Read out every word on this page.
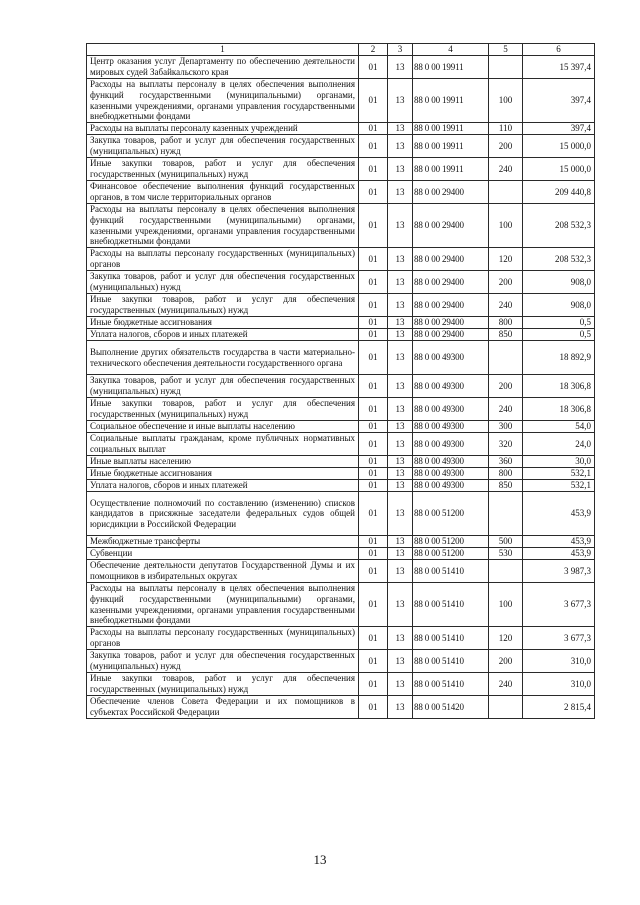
1	2	3	4	5	6
Центр оказания услуг Департаменту по обеспечению деятельности мировых судей Забайкальского края	01	13	88 0 00 19911		15 397,4
Расходы на выплаты персоналу в целях обеспечения выполнения функций государственными (муниципальными) органами, казенными учреждениями, органами управления государственными внебюджетными фондами	01	13	88 0 00 19911	100	397,4
Расходы на выплаты персоналу казенных учреждений	01	13	88 0 00 19911	110	397,4
Закупка товаров, работ и услуг для обеспечения государственных (муниципальных) нужд	01	13	88 0 00 19911	200	15 000,0
Иные закупки товаров, работ и услуг для обеспечения государственных (муниципальных) нужд	01	13	88 0 00 19911	240	15 000,0
Финансовое обеспечение выполнения функций государственных органов, в том числе территориальных органов	01	13	88 0 00 29400		209 440,8
Расходы на выплаты персоналу в целях обеспечения выполнения функций государственными (муниципальными) органами, казенными учреждениями, органами управления государственными внебюджетными фондами	01	13	88 0 00 29400	100	208 532,3
Расходы на выплаты персоналу государственных (муниципальных) органов	01	13	88 0 00 29400	120	208 532,3
Закупка товаров, работ и услуг для обеспечения государственных (муниципальных) нужд	01	13	88 0 00 29400	200	908,0
Иные закупки товаров, работ и услуг для обеспечения государственных (муниципальных) нужд	01	13	88 0 00 29400	240	908,0
Иные бюджетные ассигнования	01	13	88 0 00 29400	800	0,5
Уплата налогов, сборов и иных платежей	01	13	88 0 00 29400	850	0,5
Выполнение других обязательств государства в части материально-технического обеспечения деятельности государственного органа	01	13	88 0 00 49300		18 892,9
Закупка товаров, работ и услуг для обеспечения государственных (муниципальных) нужд	01	13	88 0 00 49300	200	18 306,8
Иные закупки товаров, работ и услуг для обеспечения государственных (муниципальных) нужд	01	13	88 0 00 49300	240	18 306,8
Социальное обеспечение и иные выплаты населению	01	13	88 0 00 49300	300	54,0
Социальные выплаты гражданам, кроме публичных нормативных социальных выплат	01	13	88 0 00 49300	320	24,0
Иные выплаты населению	01	13	88 0 00 49300	360	30,0
Иные бюджетные ассигнования	01	13	88 0 00 49300	800	532,1
Уплата налогов, сборов и иных платежей	01	13	88 0 00 49300	850	532,1
Осуществление полномочий по составлению (изменению) списков кандидатов в присяжные заседатели федеральных судов общей юрисдикции в Российской Федерации	01	13	88 0 00 51200		453,9
Межбюджетные трансферты	01	13	88 0 00 51200	500	453,9
Субвенции	01	13	88 0 00 51200	530	453,9
Обеспечение деятельности депутатов Государственной Думы и их помощников в избирательных округах	01	13	88 0 00 51410		3 987,3
Расходы на выплаты персоналу в целях обеспечения выполнения функций государственными (муниципальными) органами, казенными учреждениями, органами управления государственными внебюджетными фондами	01	13	88 0 00 51410	100	3 677,3
Расходы на выплаты персоналу государственных (муниципальных) органов	01	13	88 0 00 51410	120	3 677,3
Закупка товаров, работ и услуг для обеспечения государственных (муниципальных) нужд	01	13	88 0 00 51410	200	310,0
Иные закупки товаров, работ и услуг для обеспечения государственных (муниципальных) нужд	01	13	88 0 00 51410	240	310,0
Обеспечение членов Совета Федерации и их помощников в субъектах Российской Федерации	01	13	88 0 00 51420		2 815,4
13
